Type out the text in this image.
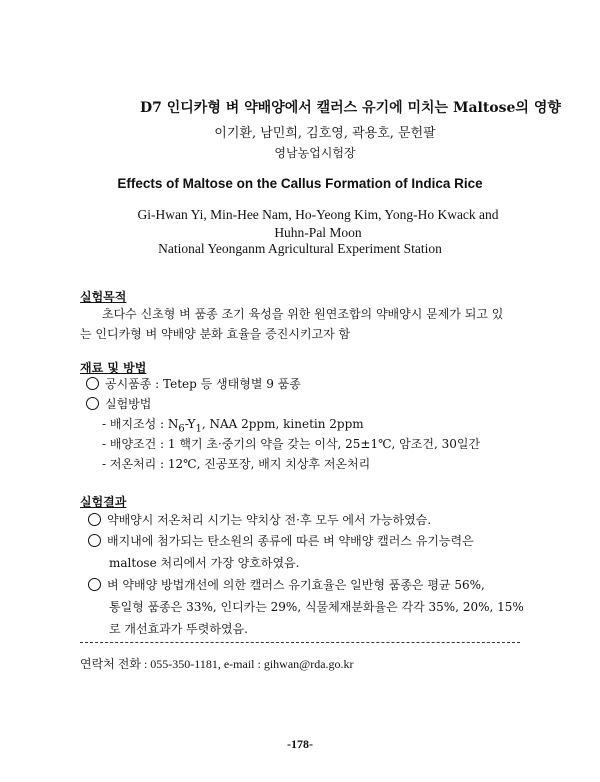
D7 인디카형 벼 약배양에서 캘러스 유기에 미치는 Maltose의 영향
이기환, 남민희, 김호영, 곽용호, 문헌팔
영남농업시험장
Effects of Maltose on the Callus Formation of Indica Rice
Gi-Hwan Yi, Min-Hee Nam, Ho-Yeong Kim, Yong-Ho Kwack and
Huhn-Pal Moon
National Yeonganm Agricultural Experiment Station
실험목적
초다수 신초형 벼 품종 조기 육성을 위한 원연조합의 약배양시 문제가 되고 있
는 인디카형 벼 약배양 분화 효율을 증진시키고자 함
재료 및 방법
공시품종 : Tetep 등 생태형별 9 품종
실험방법
- 배지조성 : $N_6-Y_1$, NAA 2ppm, kinetin 2ppm
- 배양조건 : 1 핵기 초·중기의 약을 갖는 이삭, 25±1℃, 암조건, 30일간
- 저온처리 : 12℃, 진공포장, 배지 치상후 저온처리
실험결과
약배양시 저온처리 시기는 약치상 전·후 모두 에서 가능하였슴.
배지내에 첨가되는 탄소원의 종류에 따른 벼 약배양 캘러스 유기능력은
maltose 처리에서 가장 양호하였음.
벼 약배양 방법개선에 의한 캘러스 유기효율은 일반형 품종은 평균 56%,
통일형 품종은 33%, 인디카는 29%, 식물체재분화율은 각각 35%, 20%, 15%
로 개선효과가 뚜렷하였음.
연락처 전화 : 055-350-1181, e-mail : gihwan@rda.go.kr
-178-
